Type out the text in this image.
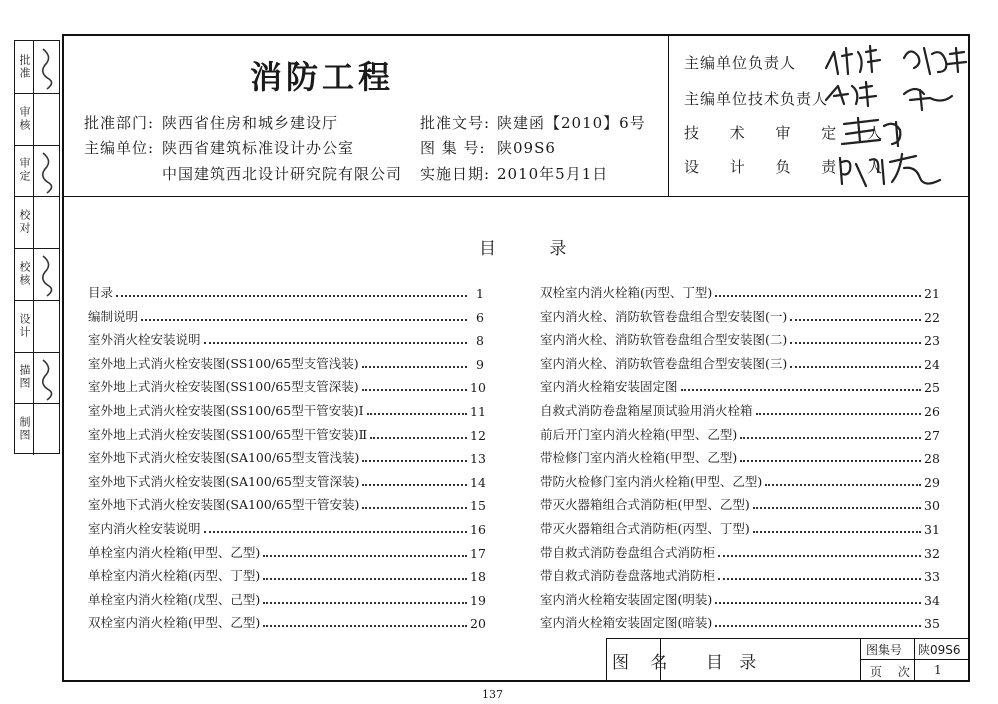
批准
审核
审定
校对
校核
设计
描图
制图
消防工程
批准部门: 陕西省住房和城乡建设厅
主编单位: 陕西省建筑标准设计办公室
中国建筑西北设计研究院有限公司
批准文号: 陕建函【2010】6号
图 集 号: 陕09S6
实施日期: 2010年5月1日
主编单位负责人
主编单位技术负责人
技 术 审 定 人
设 计 负 责 人
目 录
目录	1
编制说明	6
室外消火栓安装说明	8
室外地上式消火栓安装图(SS100/65型支管浅装)	9
室外地上式消火栓安装图(SS100/65型支管深装)	10
室外地上式消火栓安装图(SS100/65型干管安装)Ⅰ	11
室外地上式消火栓安装图(SS100/65型干管安装)Ⅱ	12
室外地下式消火栓安装图(SA100/65型支管浅装)	13
室外地下式消火栓安装图(SA100/65型支管深装)	14
室外地下式消火栓安装图(SA100/65型干管安装)	15
室内消火栓安装说明	16
单栓室内消火栓箱(甲型、乙型)	17
单栓室内消火栓箱(丙型、丁型)	18
单栓室内消火栓箱(戊型、己型)	19
双栓室内消火栓箱(甲型、乙型)	20
双栓室内消火栓箱(丙型、丁型)	21
室内消火栓、消防软管卷盘组合型安装图(一)	22
室内消火栓、消防软管卷盘组合型安装图(二)	23
室内消火栓、消防软管卷盘组合型安装图(三)	24
室内消火栓箱安装固定图	25
自救式消防卷盘箱屋顶试验用消火栓箱	26
前后开门室内消火栓箱(甲型、乙型)	27
带检修门室内消火栓箱(甲型、乙型)	28
带防火检修门室内消火栓箱(甲型、乙型)	29
带灭火器箱组合式消防柜(甲型、乙型)	30
带灭火器箱组合式消防柜(丙型、丁型)	31
带自救式消防卷盘组合式消防柜	32
带自救式消防卷盘落地式消防柜	33
室内消火栓箱安装固定图(明装)	34
室内消火栓箱安装固定图(暗装)	35
图 名 目   录
图集号 陕09S6
页 次 1
137
